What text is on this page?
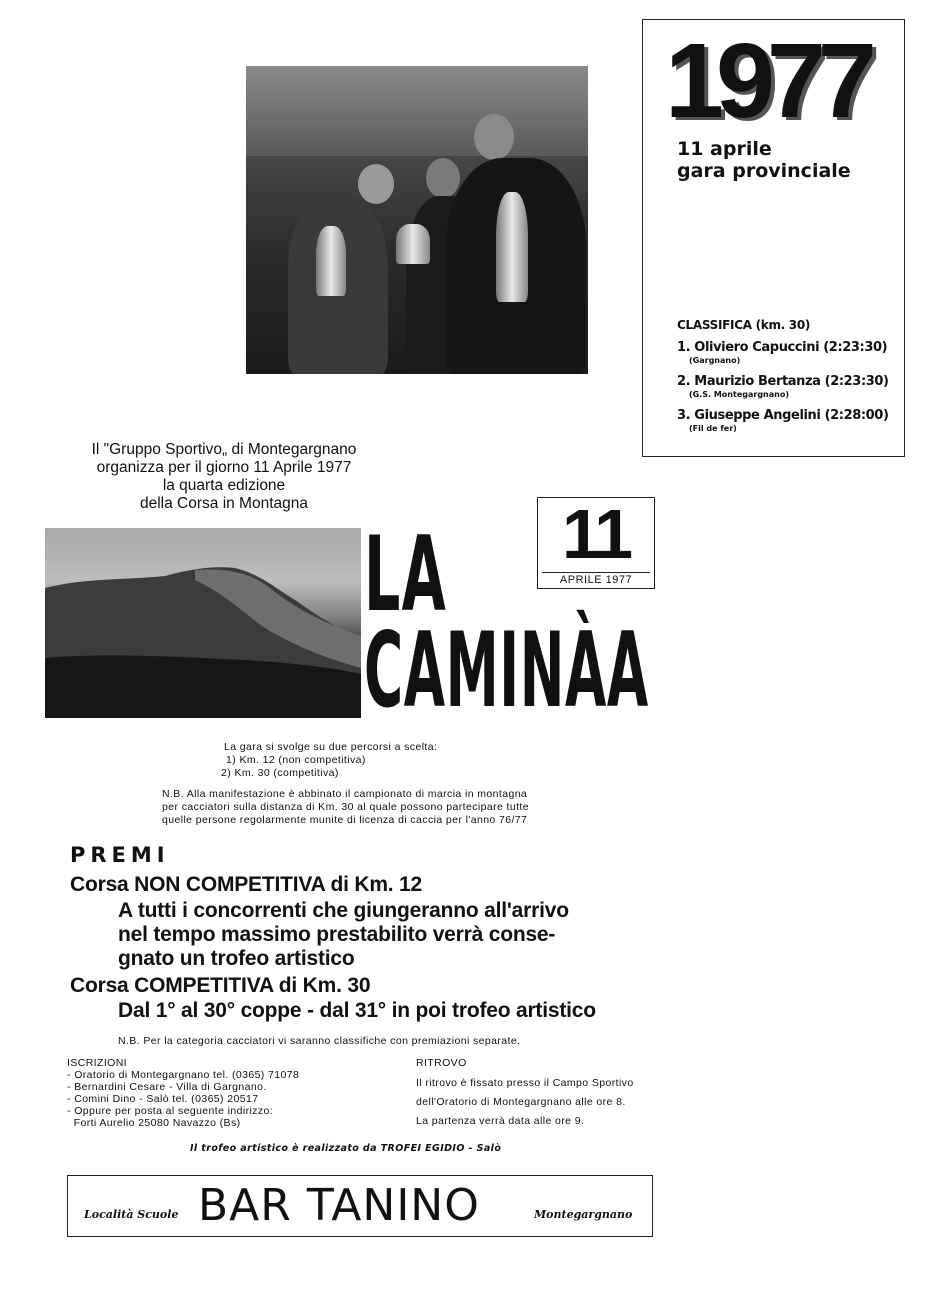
1977
11 aprile
gara provinciale
CLASSIFICA (km. 30)
1. Oliviero Capuccini (2:23:30)
(Gargnano)
2. Maurizio Bertanza (2:23:30)
(G.S. Montegargnano)
3. Giuseppe Angelini (2:28:00)
(Fil de fer)
Il "Gruppo Sportivo„ di Montegargnano
organizza per il giorno 11 Aprile 1977
la quarta edizione
della Corsa in Montagna	11
APRILE 1977
LA
CAMINÀA
La gara si svolge su due percorsi a scelta:
1) Km. 12 (non competitiva)
2) Km. 30 (competitiva)
N.B. Alla manifestazione è abbinato il campionato di marcia in montagna
per cacciatori sulla distanza di Km. 30 al quale possono partecipare tutte
quelle persone regolarmente munite di licenza di caccia per l'anno 76/77
PREMI
Corsa NON COMPETITIVA di Km. 12
A tutti i concorrenti che giungeranno all'arrivo
nel tempo massimo prestabilito verrà conse-
gnato un trofeo artistico
Corsa COMPETITIVA di Km. 30
Dal 1° al 30° coppe - dal 31° in poi trofeo artistico
N.B. Per la categoria cacciatori vi saranno classifiche con premiazioni separate.
ISCRIZIONI
- Oratorio di Montegargnano tel. (0365) 71078
- Bernardini Cesare - Villa di Gargnano.
- Comini Dino - Salò tel. (0365) 20517
- Oppure per posta al seguente indirizzo:
Forti Aurelio 25080 Navazzo (Bs)
RITROVO
Il ritrovo è fissato presso il Campo Sportivo
dell'Oratorio di Montegargnano alle ore 8.
La partenza verrà data alle ore 9.
Il trofeo artistico è realizzato da TROFEI EGIDIO - Salò
Località Scuole BAR TANINO	Montegargnano
